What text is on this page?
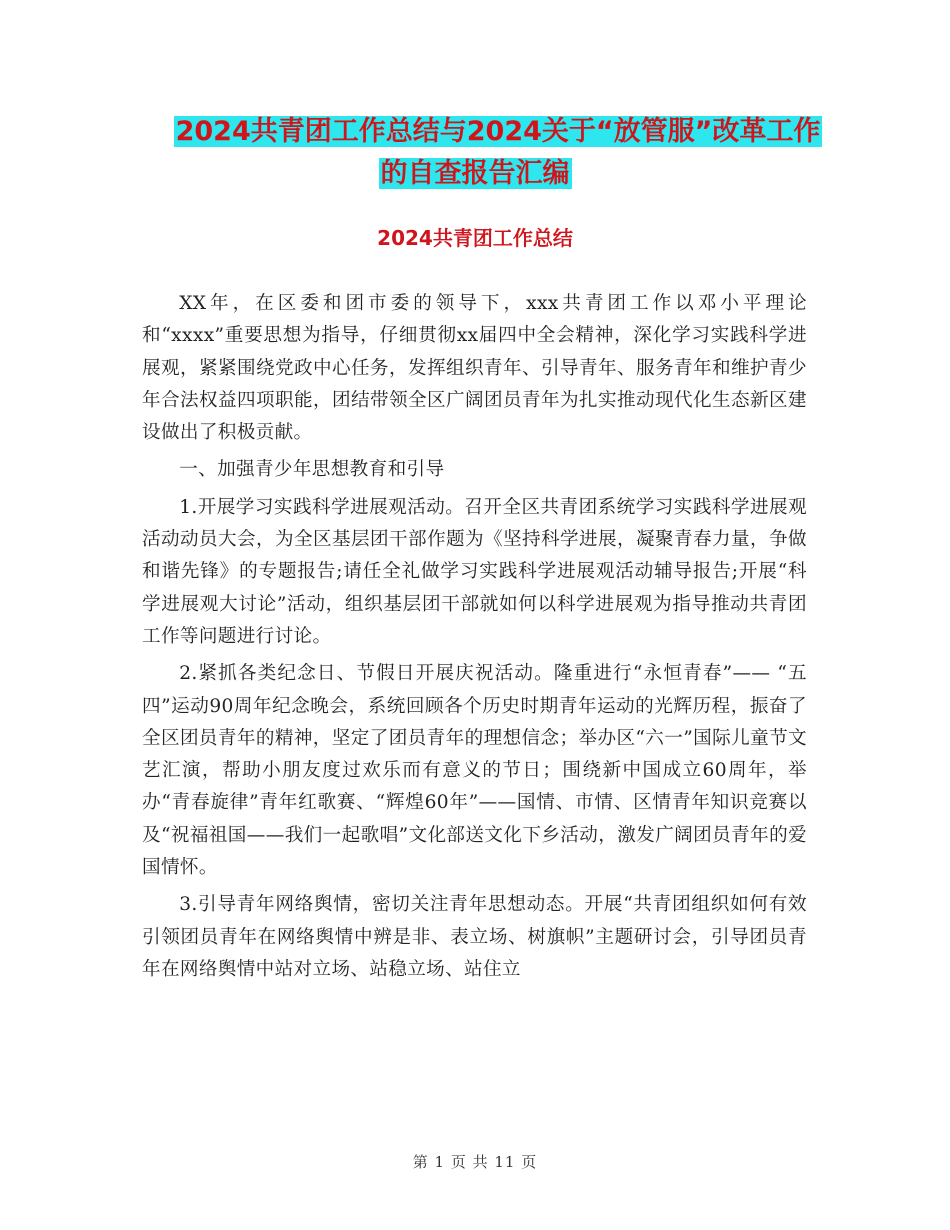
2024共青团工作总结与2024关于“放管服”改革工作
的自查报告汇编
2024共青团工作总结

XX年，在区委和团市委的领导下，xxx共青团工作以邓小平理论和“xxxx”重要思想为指导，仔细贯彻xx届四中全会精神，深化学习实践科学进展观，紧紧围绕党政中心任务，发挥组织青年、引导青年、服务青年和维护青少年合法权益四项职能，团结带领全区广阔团员青年为扎实推动现代化生态新区建设做出了积极贡献。

一、加强青少年思想教育和引导

1.开展学习实践科学进展观活动。召开全区共青团系统学习实践科学进展观活动动员大会，为全区基层团干部作题为《坚持科学进展，凝聚青春力量，争做和谐先锋》的专题报告;请任全礼做学习实践科学进展观活动辅导报告;开展“科学进展观大讨论”活动，组织基层团干部就如何以科学进展观为指导推动共青团工作等问题进行讨论。

2.紧抓各类纪念日、节假日开展庆祝活动。隆重进行“永恒青春”—— “五四”运动90周年纪念晚会，系统回顾各个历史时期青年运动的光辉历程，振奋了全区团员青年的精神，坚定了团员青年的理想信念；举办区“六一”国际儿童节文艺汇演，帮助小朋友度过欢乐而有意义的节日；围绕新中国成立60周年，举办“青春旋律”青年红歌赛、“辉煌60年”——国情、市情、区情青年知识竞赛以及“祝福祖国——我们一起歌唱”文化部送文化下乡活动，激发广阔团员青年的爱国情怀。

3.引导青年网络舆情，密切关注青年思想动态。开展“共青团组织如何有效引领团员青年在网络舆情中辨是非、表立场、树旗帜”主题研讨会，引导团员青年在网络舆情中站对立场、站稳立场、站住立

第 1 页 共 11 页
